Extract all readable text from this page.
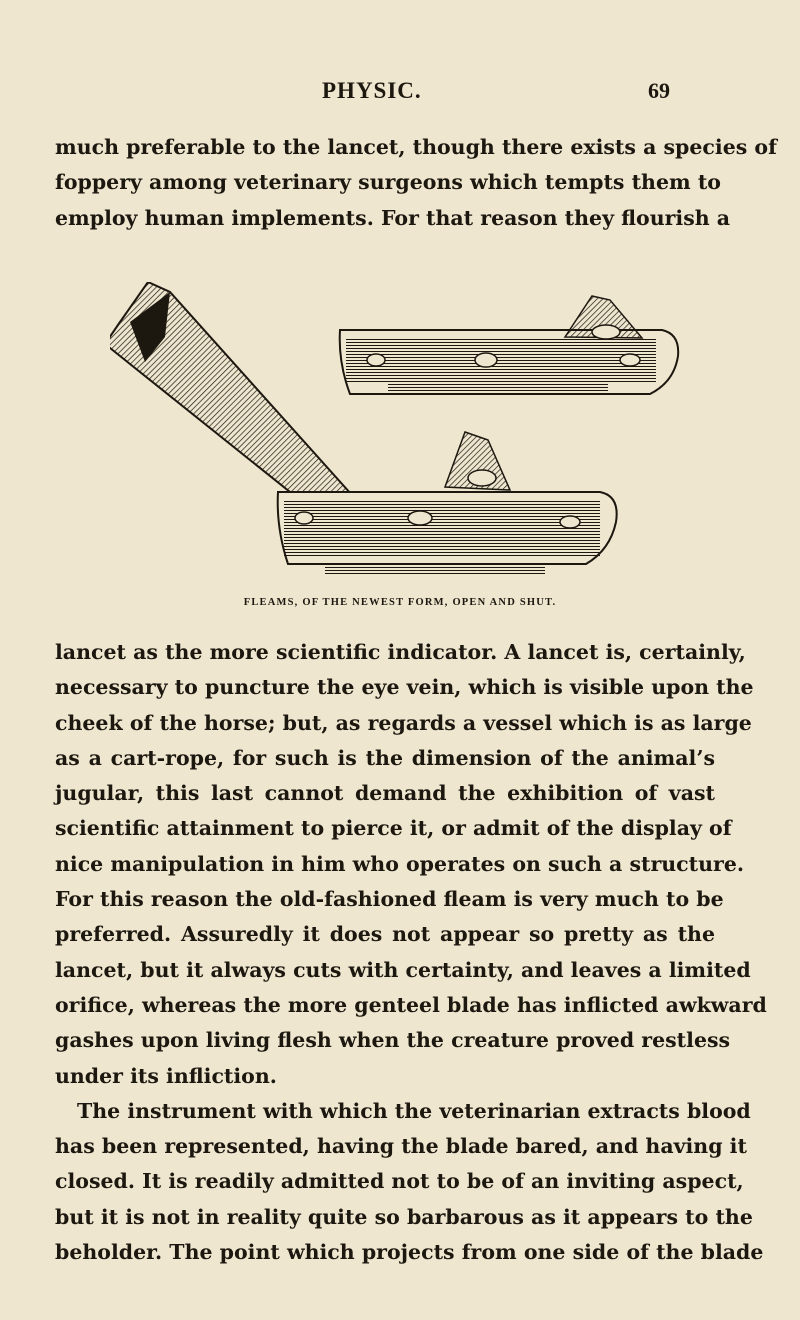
PHYSIC.	69
much preferable to the lancet, though there exists a species of
foppery among veterinary surgeons which tempts them to
employ human implements. For that reason they flourish a
FLEAMS, OF THE NEWEST FORM, OPEN AND SHUT.
lancet as the more scientific indicator. A lancet is, certainly,
necessary to puncture the eye vein, which is visible upon the
cheek of the horse; but, as regards a vessel which is as large
as a cart-rope, for such is the dimension of the animal’s
jugular, this last cannot demand the exhibition of vast
scientific attainment to pierce it, or admit of the display of
nice manipulation in him who operates on such a structure.
For this reason the old-fashioned fleam is very much to be
preferred. Assuredly it does not appear so pretty as the
lancet, but it always cuts with certainty, and leaves a limited
orifice, whereas the more genteel blade has inflicted awkward
gashes upon living flesh when the creature proved restless
under its infliction.
The instrument with which the veterinarian extracts blood
has been represented, having the blade bared, and having it
closed. It is readily admitted not to be of an inviting aspect,
but it is not in reality quite so barbarous as it appears to the
beholder. The point which projects from one side of the blade
